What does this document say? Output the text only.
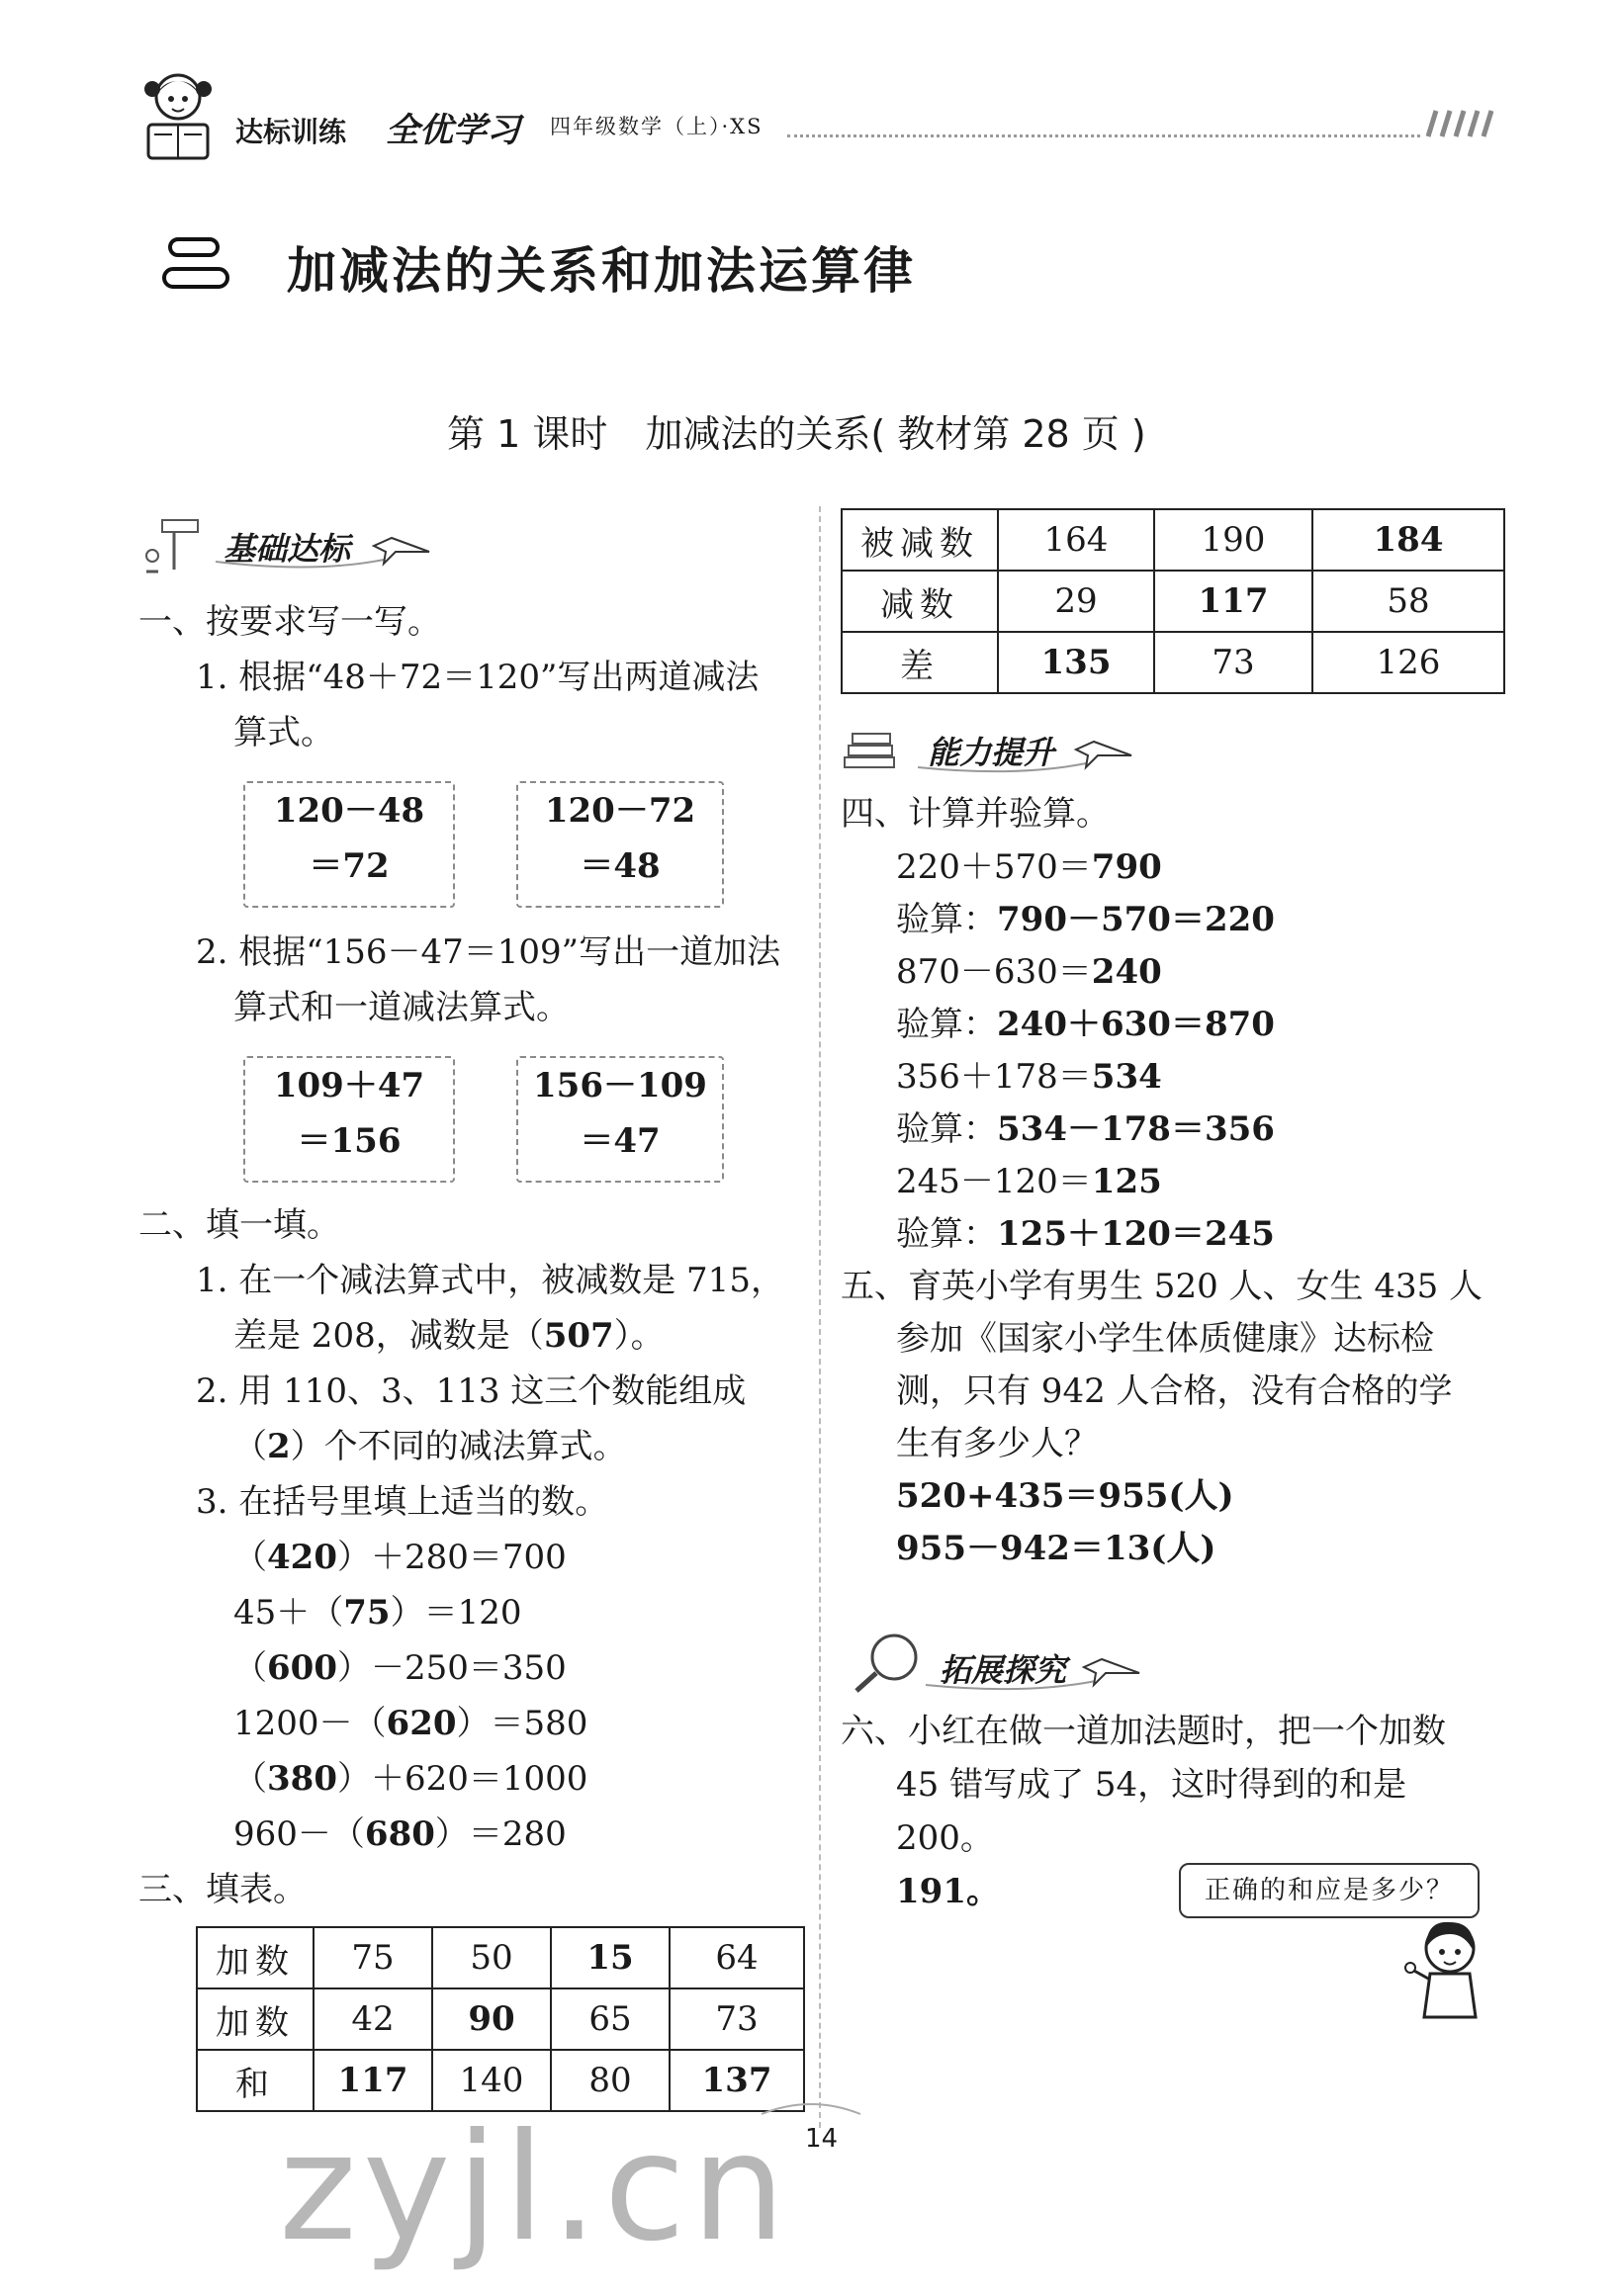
达标训练 全优学习 四年级数学（上）·XS
加减法的关系和加法运算律
第 1 课时　加减法的关系( 教材第 28 页 )
基础达标
一、按要求写一写。
1. 根据“48＋72＝120”写出两道减法
算式。
120－48
＝72
120－72
＝48
2. 根据“156－47＝109”写出一道加法
算式和一道减法算式。
109＋47
＝156
156－109
＝47
二、填一填。
1. 在一个减法算式中，被减数是 715，
差是 208，减数是（507）。
2. 用 110、3、113 这三个数能组成
（2）个不同的减法算式。
3. 在括号里填上适当的数。
（420）＋280＝700
45＋（75）＝120
（600）－250＝350
1200－（620）＝580
（380）＋620＝1000
960－（680）＝280
三、填表。
加数	75	50	15	64
加数	42	90	65	73
和	117	140	80	137
被减数	164	190	184
减数	29	117	58
差	135	73	126
能力提升
四、计算并验算。
220＋570＝790
验算：790－570＝220
870－630＝240
验算：240＋630＝870
356＋178＝534
验算：534－178＝356
245－120＝125
验算：125＋120＝245
五、育英小学有男生 520 人、女生 435 人
参加《国家小学生体质健康》达标检
测，只有 942 人合格，没有合格的学
生有多少人？
520+435＝955(人)
955－942＝13(人)
拓展探究
六、小红在做一道加法题时，把一个加数
45 错写成了 54，这时得到的和是
200。
191。	正确的和应是多少？
14
zyjl.cn
